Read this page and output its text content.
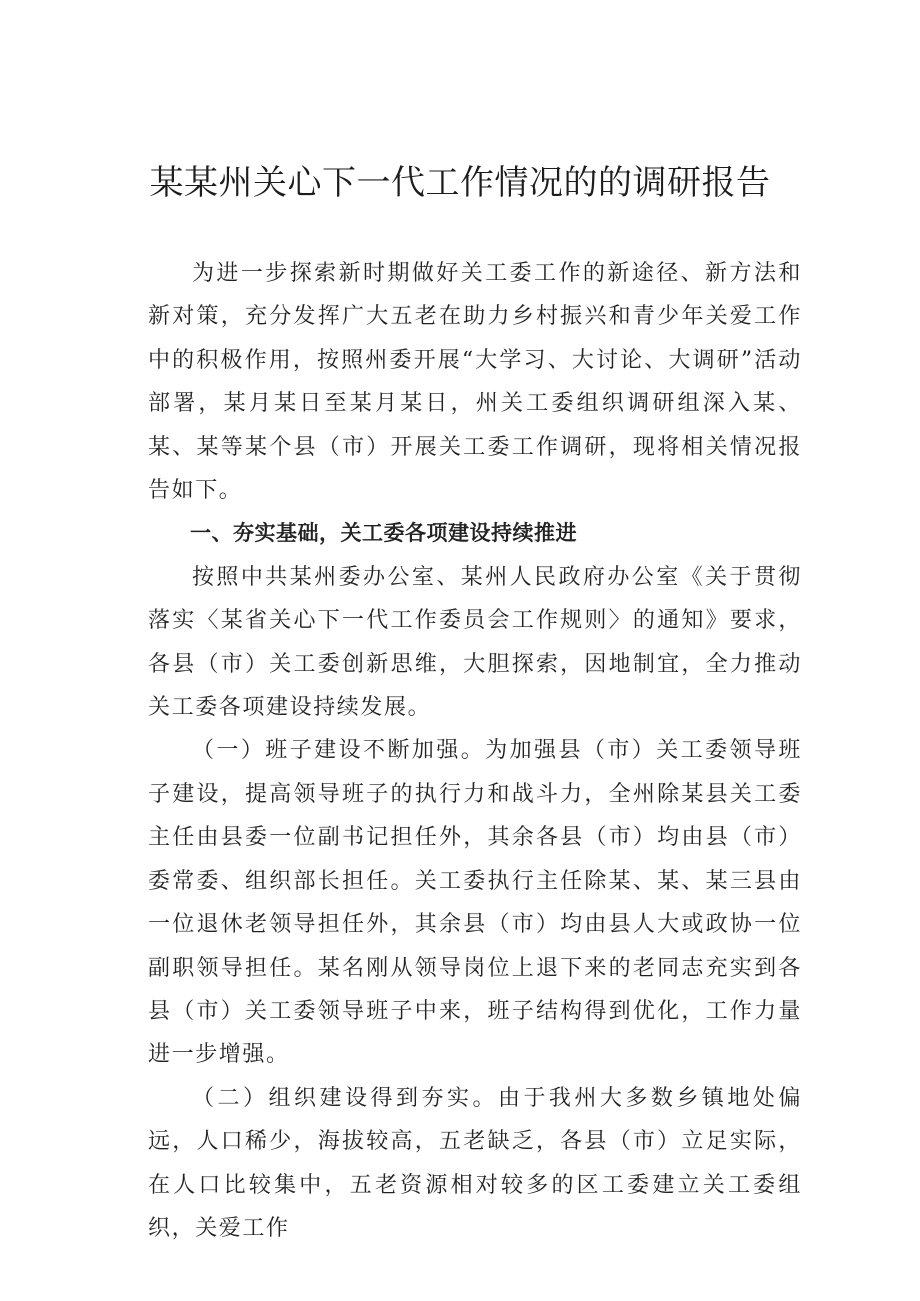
某某州关心下一代工作情况的的调研报告

为进一步探索新时期做好关工委工作的新途径、新方法和新对策，充分发挥广大五老在助力乡村振兴和青少年关爱工作中的积极作用，按照州委开展“大学习、大讨论、大调研”活动部署，某月某日至某月某日，州关工委组织调研组深入某、某、某等某个县（市）开展关工委工作调研，现将相关情况报告如下。

一、夯实基础，关工委各项建设持续推进

按照中共某州委办公室、某州人民政府办公室《关于贯彻落实〈某省关心下一代工作委员会工作规则〉的通知》要求，各县（市）关工委创新思维，大胆探索，因地制宜，全力推动关工委各项建设持续发展。

（一）班子建设不断加强。为加强县（市）关工委领导班子建设，提高领导班子的执行力和战斗力，全州除某县关工委主任由县委一位副书记担任外，其余各县（市）均由县（市）委常委、组织部长担任。关工委执行主任除某、某、某三县由一位退休老领导担任外，其余县（市）均由县人大或政协一位副职领导担任。某名刚从领导岗位上退下来的老同志充实到各县（市）关工委领导班子中来，班子结构得到优化，工作力量进一步增强。

（二）组织建设得到夯实。由于我州大多数乡镇地处偏远，人口稀少，海拔较高，五老缺乏，各县（市）立足实际，在人口比较集中，五老资源相对较多的区工委建立关工委组织，关爱工作
